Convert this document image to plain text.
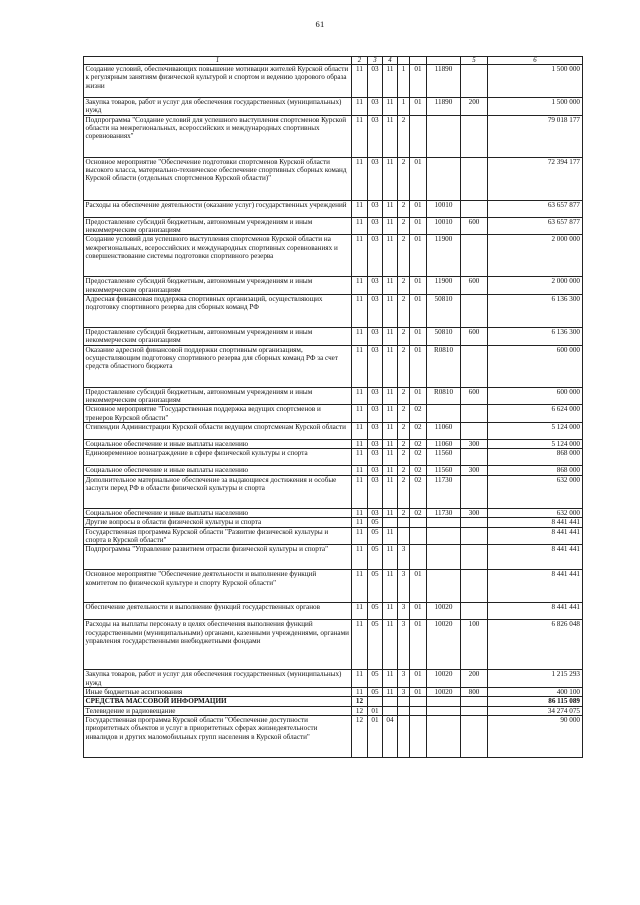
61
1	2	3	4				5	6
Создание условий, обеспечивающих повышение мотивации жителей Курской области к регулярным занятиям физической культурой и спортом и ведению здорового образа жизни	11	03	11	1	01	11890		1 500 000
Закупка товаров, работ и услуг для обеспечения государственных (муниципальных) нужд	11	03	11	1	01	11890	200	1 500 000
Подпрограмма "Создание условий для успешного выступления спортсменов Курской области на межрегиональных, всероссийских и международных спортивных соревнованиях"	11	03	11	2				79 018 177
Основное мероприятие "Обеспечение подготовки спортсменов Курской области высокого класса, материально-техническое обеспечение спортивных сборных команд Курской области (отдельных спортсменов Курской области)"	11	03	11	2	01			72 394 177
Расходы на обеспечение деятельности (оказание услуг) государственных учреждений	11	03	11	2	01	10010		63 657 877
Предоставление субсидий бюджетным, автономным учреждениям и иным некоммерческим организациям	11	03	11	2	01	10010	600	63 657 877
Создание условий для успешного выступления спортсменов Курской области на межрегиональных, всероссийских и международных спортивных соревнованиях и совершенствование системы подготовки спортивного резерва	11	03	11	2	01	11900		2 000 000
Предоставление субсидий бюджетным, автономным учреждениям и иным некоммерческим организациям	11	03	11	2	01	11900	600	2 000 000
Адресная финансовая поддержка спортивных организаций, осуществляющих подготовку спортивного резерва для сборных команд РФ	11	03	11	2	01	50810		6 136 300
Предоставление субсидий бюджетным, автономным учреждениям и иным некоммерческим организациям	11	03	11	2	01	50810	600	6 136 300
Оказание адресной финансовой поддержки спортивным организациям, осуществляющим подготовку спортивного резерва для сборных команд РФ за счет средств областного бюджета	11	03	11	2	01	R0810		600 000
Предоставление субсидий бюджетным, автономным учреждениям и иным некоммерческим организациям	11	03	11	2	01	R0810	600	600 000
Основное мероприятие "Государственная поддержка ведущих спортсменов и тренеров Курской области"	11	03	11	2	02			6 624 000
Стипендии Администрации Курской области ведущим спортсменам Курской области	11	03	11	2	02	11060		5 124 000
Социальное обеспечение и иные выплаты населению	11	03	11	2	02	11060	300	5 124 000
Единовременное вознаграждение в сфере физической культуры и спорта	11	03	11	2	02	11560		868 000
Социальное обеспечение и иные выплаты населению	11	03	11	2	02	11560	300	868 000
Дополнительное материальное обеспечение за выдающиеся достижения и особые заслуги перед РФ в области физической культуры и спорта	11	03	11	2	02	11730		632 000
Социальное обеспечение и иные выплаты населению	11	03	11	2	02	11730	300	632 000
Другие вопросы в области физической культуры и спорта	11	05						8 441 441
Государственная программа Курской области "Развитие физической культуры и спорта в Курской области"	11	05	11					8 441 441
Подпрограмма "Управление развитием отрасли физической культуры и спорта"	11	05	11	3				8 441 441
Основное мероприятие "Обеспечение деятельности и выполнение функций комитетом по физической культуре и спорту Курской области"	11	05	11	3	01			8 441 441
Обеспечение деятельности и выполнение функций государственных органов	11	05	11	3	01	10020		8 441 441
Расходы на выплаты персоналу в целях обеспечения выполнения функций государственными (муниципальными) органами, казенными учреждениями, органами управления государственными внебюджетными фондами	11	05	11	3	01	10020	100	6 826 048
Закупка товаров, работ и услуг для обеспечения государственных (муниципальных) нужд	11	05	11	3	01	10020	200	1 215 293
Иные бюджетные ассигнования	11	05	11	3	01	10020	800	400 100
СРЕДСТВА МАССОВОЙ ИНФОРМАЦИИ	12							86 115 089
Телевидение и радиовещание	12	01						34 274 075
Государственная программа Курской области "Обеспечение доступности приоритетных объектов и услуг в приоритетных сферах жизнедеятельности инвалидов и других маломобильных групп населения в Курской области"	12	01	04					90 000
